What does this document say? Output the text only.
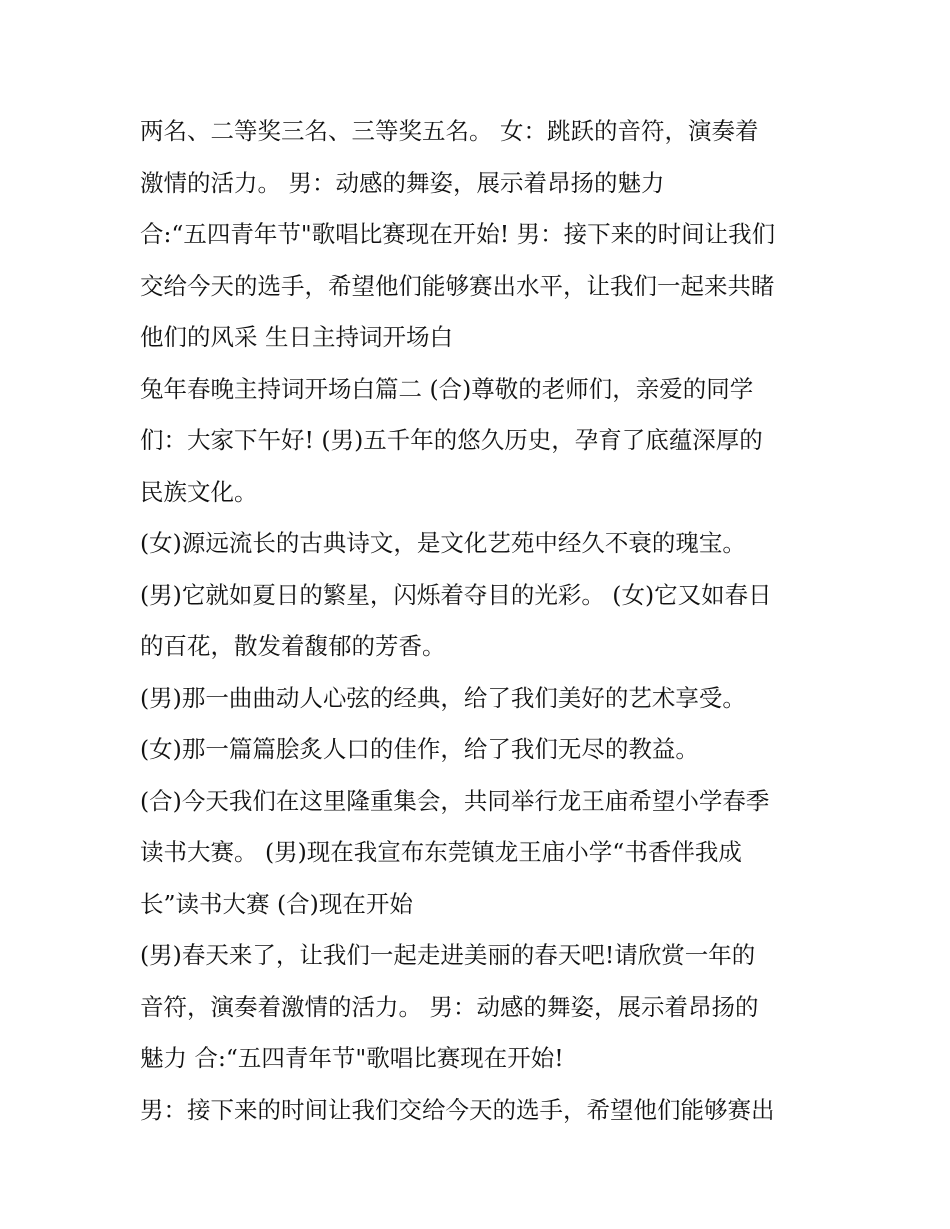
两名、二等奖三名、三等奖五名。 女：跳跃的音符，演奏着
激情的活力。 男：动感的舞姿，展示着昂扬的魅力
合:“五四青年节"歌唱比赛现在开始! 男：接下来的时间让我们
交给今天的选手，希望他们能够赛出水平，让我们一起来共睹
他们的风采 生日主持词开场白
兔年春晚主持词开场白篇二 (合)尊敬的老师们，亲爱的同学
们：大家下午好! (男)五千年的悠久历史，孕育了底蕴深厚的
民族文化。
(女)源远流长的古典诗文，是文化艺苑中经久不衰的瑰宝。
(男)它就如夏日的繁星，闪烁着夺目的光彩。 (女)它又如春日
的百花，散发着馥郁的芳香。
(男)那一曲曲动人心弦的经典，给了我们美好的艺术享受。
(女)那一篇篇脍炙人口的佳作，给了我们无尽的教益。
(合)今天我们在这里隆重集会，共同举行龙王庙希望小学春季
读书大赛。 (男)现在我宣布东莞镇龙王庙小学“书香伴我成
长”读书大赛 (合)现在开始
(男)春天来了，让我们一起走进美丽的春天吧!请欣赏一年的
音符，演奏着激情的活力。 男：动感的舞姿，展示着昂扬的
魅力 合:“五四青年节"歌唱比赛现在开始!
男：接下来的时间让我们交给今天的选手，希望他们能够赛出
